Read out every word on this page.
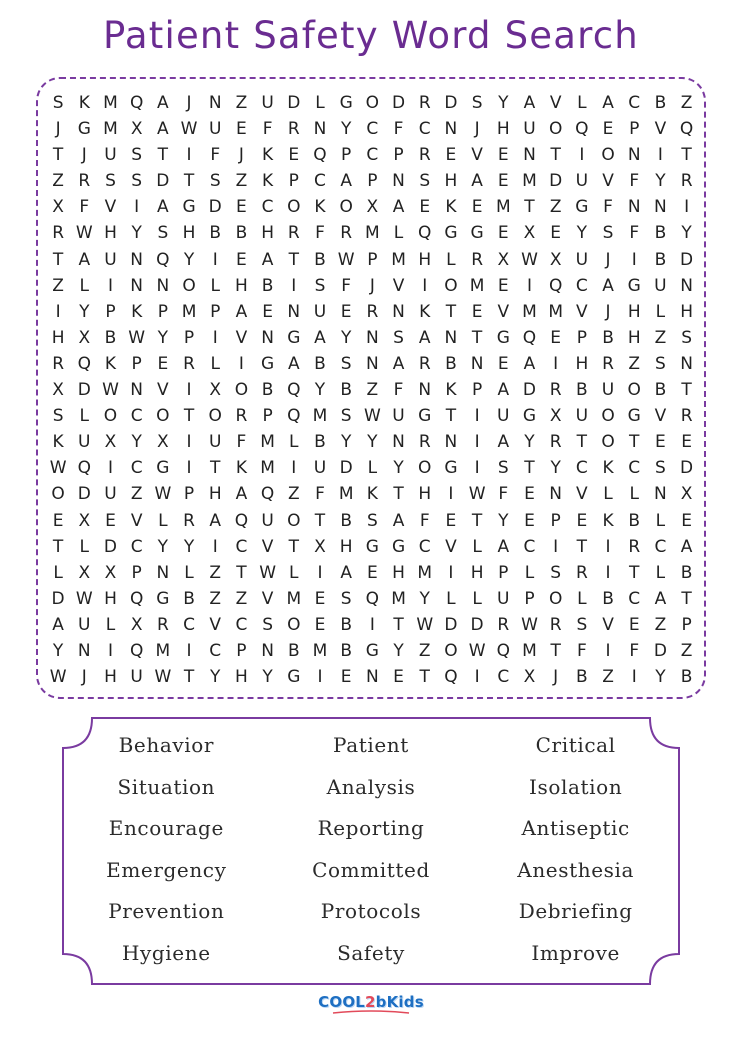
Patient Safety Word Search
S K M Q A	J	N Z U D L G O D R D S Y A V L A C B Z
J	G M X A W U E F R N Y C F C N	J	H U O Q E P V Q
T	J	U S T	I	F	J	K E Q P C P R E V E N T	I O N	I	T
Z R S S D T S Z K P C A P N S H A E M D U V F Y R
X F V	I	A G D E C O K O X A E K E M T Z G F N N	I
R W H Y S H B B H R F R M L Q G G E X E Y S F B Y
T A U N Q Y	I	E A T B W P M H L R X W X U	J	I	B D
Z L	I	N N O L H B	I	S F	J	V	I O M E	I Q C A G U N
I	Y P K P M P A E N U E R N K T E V M M V	J	H L H
H X B W Y P	I	V N G A Y N S A N T G Q E P B H Z S
R Q K P E R L	I	G A B S N A R B N E A	I	H R Z S N
X D W N V	I	X O B Q Y B Z F N K P A D R B U O B T
S L O C O T O R P Q M S W U G T	I	U G X U O G V R
K U X Y X	I	U F M L B Y Y N R N	I	A Y R T O T E E
W Q I	C G	I	T K M I	U D L Y O G	I	S T Y C K C S D
O D U Z W P H A Q Z F M K T H	I W F E N V L L N X
E X E V L R A Q U O T B S A F E T Y E P E K B L E
T L D C Y Y	I	C V T X H G G C V L A C	I	T	I	R C A
L X X P N L Z T W L	I	A E H M I	H P L S R	I	T L B
D W H Q G B Z Z V M E S Q M Y L L U P O L B C A T
A U L X R C V C S O E B	I	T W D D R W R S V E Z P
Y N	I Q M I	C P N B M B G Y Z O W Q M T F	I	F D Z
W J	H U W T Y H Y G	I	E N E T Q I	C X	J	B Z	I	Y B
Behavior	Patient	Critical
Situation	Analysis	Isolation
Encourage	Reporting	Antiseptic
Emergency	Committed	Anesthesia
Prevention	Protocols	Debriefing
Hygiene	Safety	Improve
COOL2bKids
